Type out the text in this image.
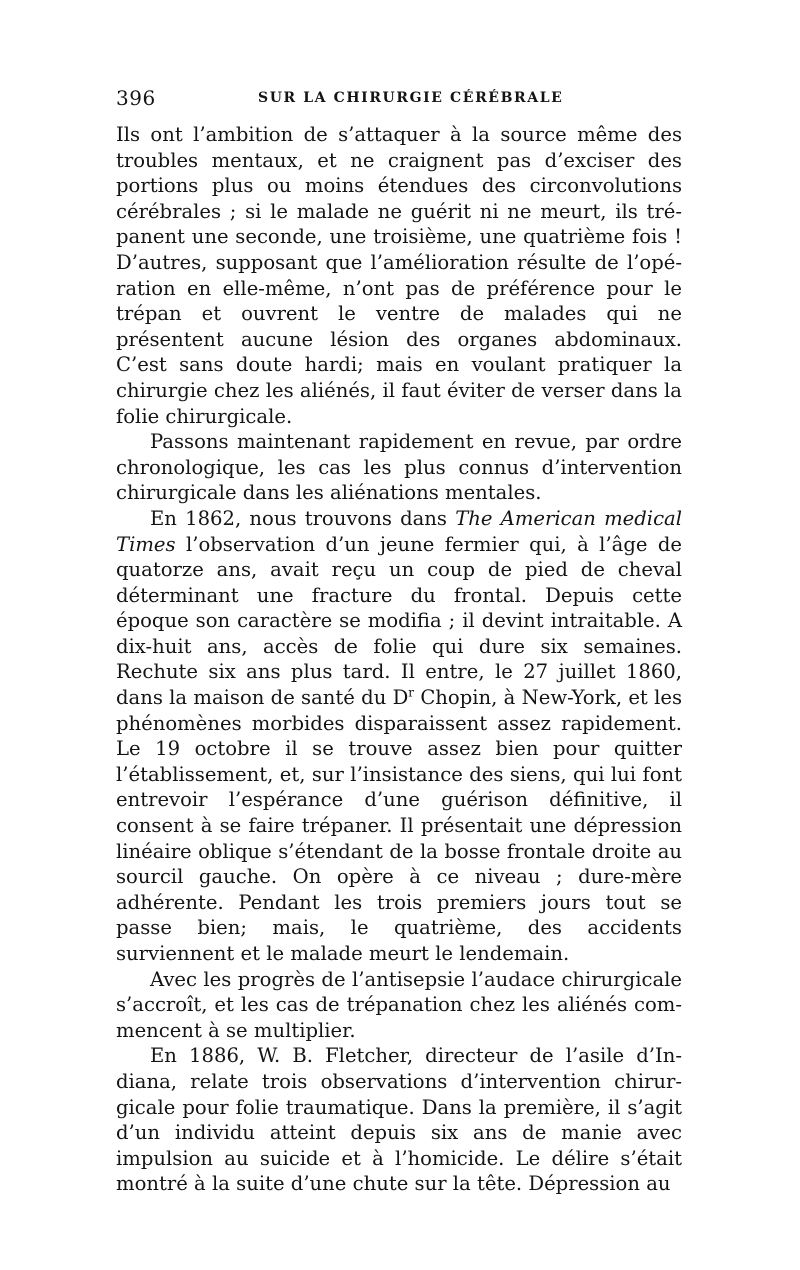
396	SUR LA CHIRURGIE CÉRÉBRALE

Ils ont l’ambition de s’attaquer à la source même des troubles mentaux, et ne craignent pas d’exciser des portions plus ou moins étendues des circonvolutions cérébrales ; si le malade ne guérit ni ne meurt, ils trépanent une seconde, une troisième, une quatrième fois ! D’autres, supposant que l’amélioration résulte de l’opération en elle-même, n’ont pas de préférence pour le trépan et ouvrent le ventre de malades qui ne présentent aucune lésion des organes abdominaux. C’est sans doute hardi; mais en voulant pratiquer la chirurgie chez les aliénés, il faut éviter de verser dans la folie chirurgicale.

Passons maintenant rapidement en revue, par ordre chronologique, les cas les plus connus d’intervention chirurgicale dans les aliénations mentales.

En 1862, nous trouvons dans The American medical Times l’observation d’un jeune fermier qui, à l’âge de quatorze ans, avait reçu un coup de pied de cheval déterminant une fracture du frontal. Depuis cette époque son caractère se modifia ; il devint intraitable. A dix-huit ans, accès de folie qui dure six semaines. Rechute six ans plus tard. Il entre, le 27 juillet 1860, dans la maison de santé du $D^r$ Chopin, à New-York, et les phénomènes morbides disparaissent assez rapidement. Le 19 octobre il se trouve assez bien pour quitter l’établissement, et, sur l’insistance des siens, qui lui font entrevoir l’espérance d’une guérison définitive, il consent à se faire trépaner. Il présentait une dépression linéaire oblique s’étendant de la bosse frontale droite au sourcil gauche. On opère à ce niveau ; dure-mère adhérente. Pendant les trois premiers jours tout se passe bien; mais, le quatrième, des accidents surviennent et le malade meurt le lendemain.

Avec les progrès de l’antisepsie l’audace chirurgicale s’accroît, et les cas de trépanation chez les aliénés commencent à se multiplier.

En 1886, W. B. Fletcher, directeur de l’asile d’Indiana, relate trois observations d’intervention chirurgicale pour folie traumatique. Dans la première, il s’agit d’un individu atteint depuis six ans de manie avec impulsion au suicide et à l’homicide. Le délire s’était montré à la suite d’une chute sur la tête. Dépression au
